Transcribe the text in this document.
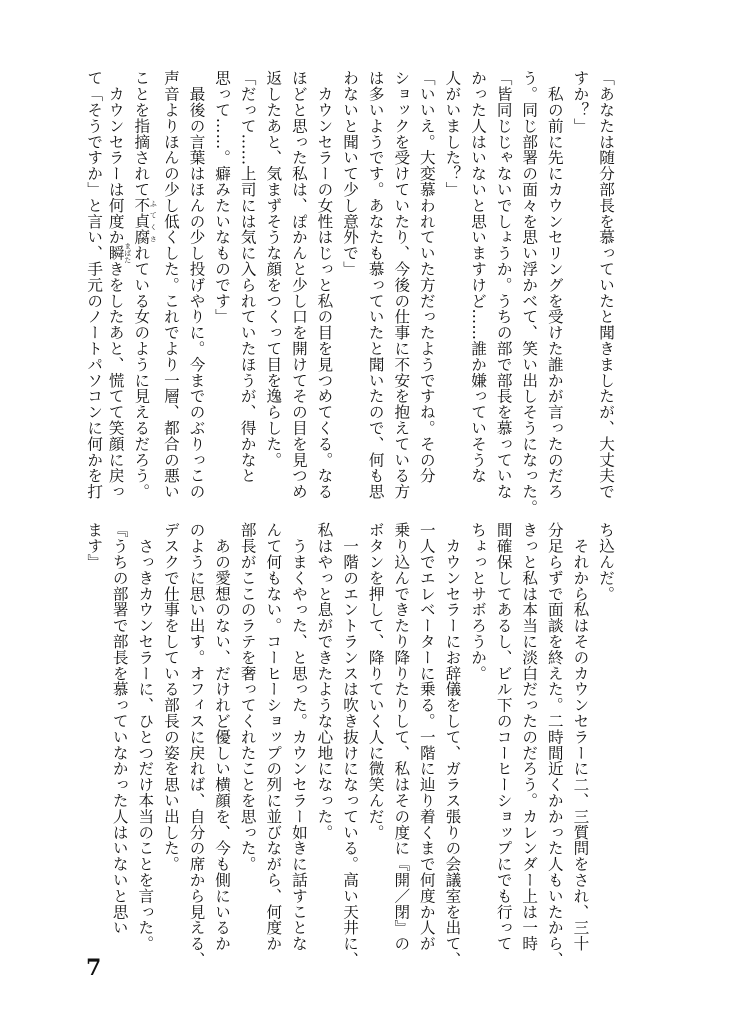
「あなたは随分部長を慕っていたと聞きましたが、大丈夫で
すか？」
　私の前に先にカウンセリングを受けた誰かが言ったのだろ
う。同じ部署の面々を思い浮かべて、笑い出しそうになった。
「皆同じじゃないでしょうか。うちの部で部長を慕っていな
かった人はいないと思いますけど……誰か嫌っていそうな
人がいました？」
「いいえ。大変慕われていた方だったようですね。その分
ショックを受けていたり、今後の仕事に不安を抱えている方
は多いようです。あなたも慕っていたと聞いたので、何も思
わないと聞いて少し意外で」
　カウンセラーの女性はじっと私の目を見つめてくる。なる
ほどと思った私は、ぽかんと少し口を開けてその目を見つめ
返したあと、気まずそうな顔をつくって目を逸らした。
「だって……上司には気に入られていたほうが、得かなと
思って……。癖みたいなものです」
　最後の言葉はほんの少し投げやりに。今までのぶりっこの
声音よりほんの少し低くした。これでより一層、都合の悪い
ことを指摘されて不貞腐 ふてくされている女のように見えるだろう。
　カウンセラーは何度か瞬 まばたきをしたあと、慌てて笑顔に戻っ
て「そうですか」と言い、手元のノートパソコンに何かを打
ち込んだ。
　それから私はそのカウンセラーに二、三質問をされ、三十
分足らずで面談を終えた。二時間近くかかった人もいたから、
きっと私は本当に淡白だったのだろう。カレンダー上は一時
間確保してあるし、ビル下のコーヒーショップにでも行って
ちょっとサボろうか。
　カウンセラーにお辞儀をして、ガラス張りの会議室を出て、
一人でエレベーターに乗る。一階に辿り着くまで何度か人が
乗り込んできたり降りたりして、私はその度に『開／閉』の
ボタンを押して、降りていく人に微笑んだ。
　一階のエントランスは吹き抜けになっている。高い天井に、
私はやっと息ができたような心地になった。
　うまくやった、と思った。カウンセラー如きに話すことな
んて何もない。コーヒーショップの列に並びながら、何度か
部長がここのラテを奢ってくれたことを思った。
　あの愛想のない、だけれど優しい横顔を、今も側にいるか
のように思い出す。オフィスに戻れば、自分の席から見える、
デスクで仕事をしている部長の姿を思い出した。
　さっきカウンセラーに、ひとつだけ本当のことを言った。
『うちの部署で部長を慕っていなかった人はいないと思い
ます』
7
